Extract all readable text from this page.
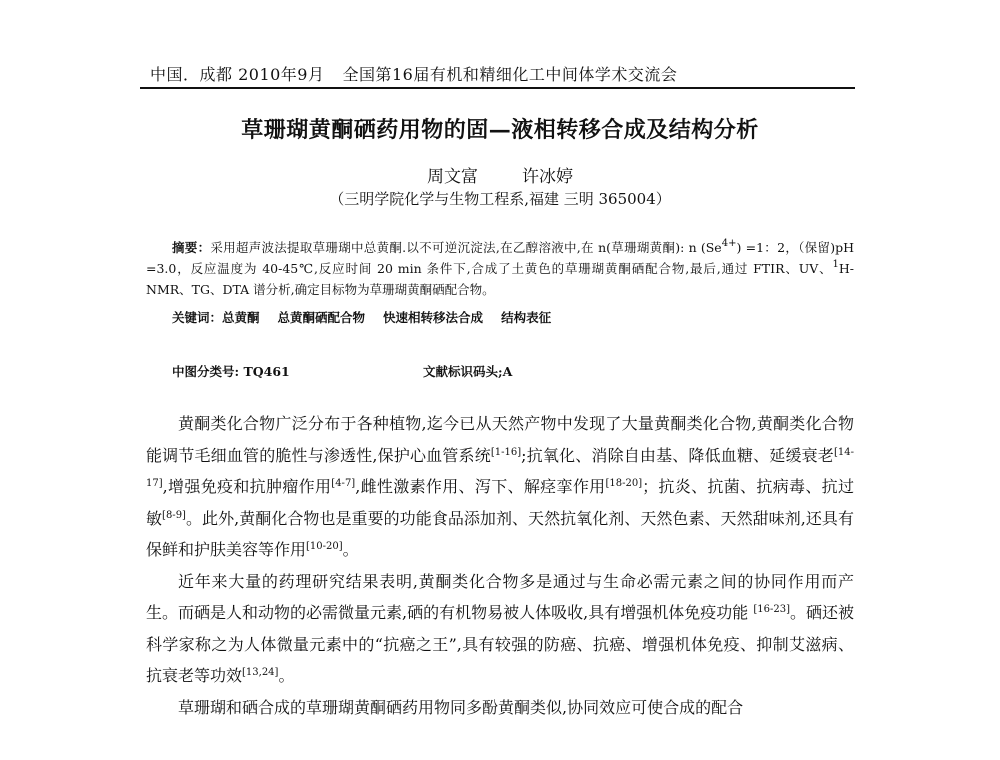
中国．成都 2010年9月 全国第16届有机和精细化工中间体学术交流会
草珊瑚黄酮硒药用物的固—液相转移合成及结构分析
周文富	许冰婷
（三明学院化学与生物工程系,福建 三明 365004）
摘要：采用超声波法提取草珊瑚中总黄酮.以不可逆沉淀法,在乙醇溶液中,在 n(草珊瑚黄酮): n $(Se^{4+}) =1$：2，（保留)pH =3.0，反应温度为 40-45℃,反应时间 20 min 条件下,合成了土黄色的草珊瑚黄酮硒配合物,最后,通过 FTIR、UV、$^1$H- NMR、TG、DTA 谱分析,确定目标物为草珊瑚黄酮硒配合物。
关键词：总黄酮 总黄酮硒配合物 快速相转移法合成 结构表征
中图分类号: TQ461	文献标识码头;A

黄酮类化合物广泛分布于各种植物,迄今已从天然产物中发现了大量黄酮类化合物,黄酮类化合物能调节毛细血管的脆性与渗透性,保护心血管系统[1-16];抗氧化、消除自由基、降低血糖、延缓衰老[14-17],增强免疫和抗肿瘤作用[4-7],雌性激素作用、泻下、解痉挛作用[18-20]；抗炎、抗菌、抗病毒、抗过敏[8-9]。此外,黄酮化合物也是重要的功能食品添加剂、天然抗氧化剂、天然色素、天然甜味剂,还具有保鲜和护肤美容等作用[10-20]。

近年来大量的药理研究结果表明,黄酮类化合物多是通过与生命必需元素之间的协同作用而产生。而硒是人和动物的必需微量元素,硒的有机物易被人体吸收,具有增强机体免疫功能 [16-23]。硒还被科学家称之为人体微量元素中的“抗癌之王”,具有较强的防癌、抗癌、增强机体免疫、抑制艾滋病、抗衰老等功效[13,24]。

草珊瑚和硒合成的草珊瑚黄酮硒药用物同多酚黄酮类似,协同效应可使合成的配合
